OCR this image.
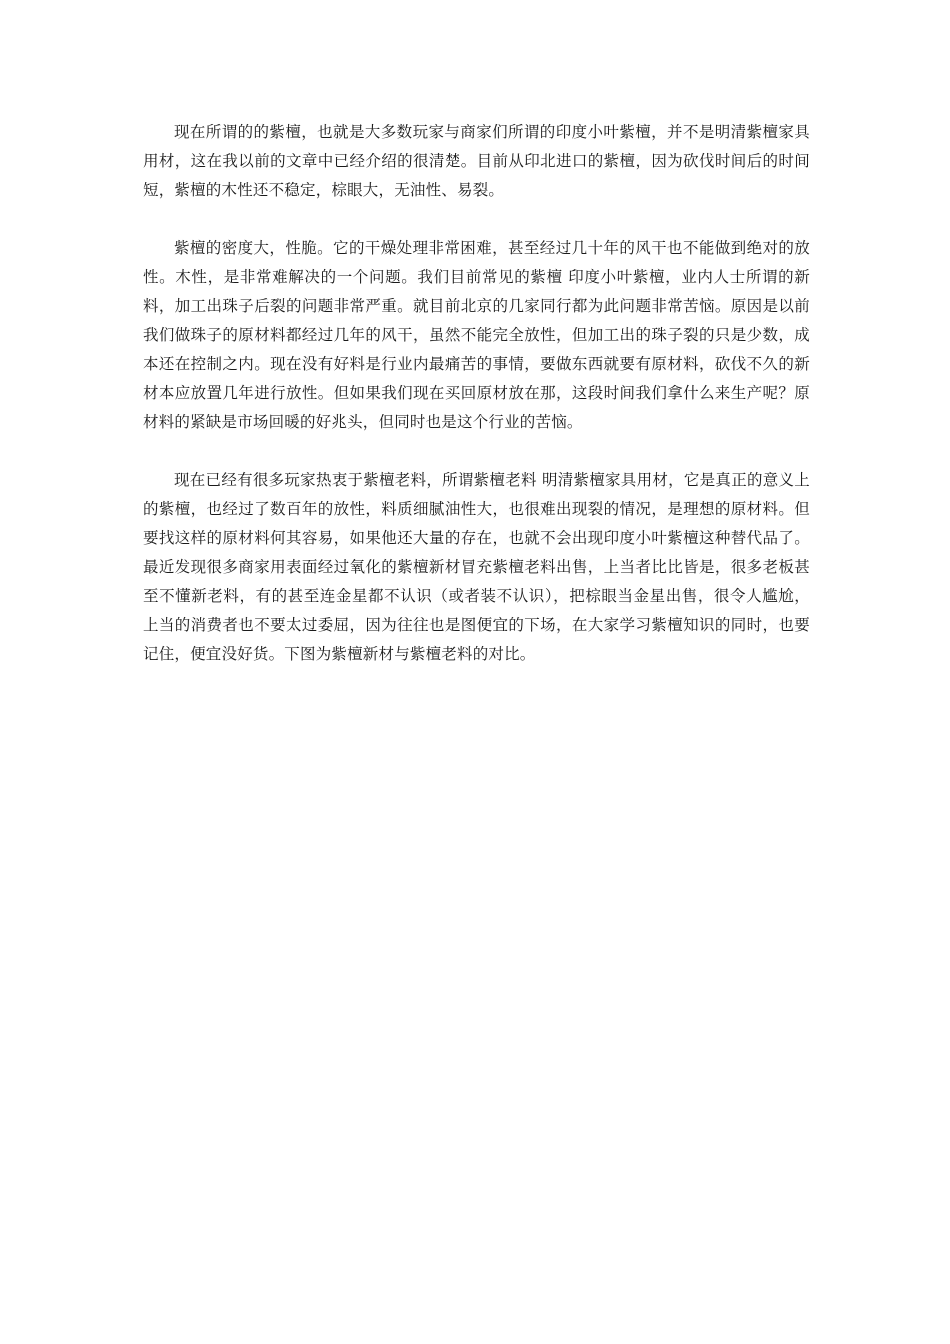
现在所谓的的紫檀，也就是大多数玩家与商家们所谓的印度小叶紫檀，并不是明清紫檀家具用材，这在我以前的文章中已经介绍的很清楚。目前从印北进口的紫檀，因为砍伐时间后的时间短，紫檀的木性还不稳定，棕眼大，无油性、易裂。

紫檀的密度大，性脆。它的干燥处理非常困难，甚至经过几十年的风干也不能做到绝对的放性。木性，是非常难解决的一个问题。我们目前常见的紫檀 印度小叶紫檀，业内人士所谓的新料，加工出珠子后裂的问题非常严重。就目前北京的几家同行都为此问题非常苦恼。原因是以前我们做珠子的原材料都经过几年的风干，虽然不能完全放性，但加工出的珠子裂的只是少数，成本还在控制之内。现在没有好料是行业内最痛苦的事情，要做东西就要有原材料，砍伐不久的新材本应放置几年进行放性。但如果我们现在买回原材放在那，这段时间我们拿什么来生产呢？原材料的紧缺是市场回暖的好兆头，但同时也是这个行业的苦恼。

现在已经有很多玩家热衷于紫檀老料，所谓紫檀老料 明清紫檀家具用材，它是真正的意义上的紫檀，也经过了数百年的放性，料质细腻油性大，也很难出现裂的情况，是理想的原材料。但要找这样的原材料何其容易，如果他还大量的存在，也就不会出现印度小叶紫檀这种替代品了。最近发现很多商家用表面经过氧化的紫檀新材冒充紫檀老料出售，上当者比比皆是，很多老板甚至不懂新老料，有的甚至连金星都不认识（或者装不认识），把棕眼当金星出售，很令人尴尬，上当的消费者也不要太过委屈，因为往往也是图便宜的下场，在大家学习紫檀知识的同时，也要记住，便宜没好货。下图为紫檀新材与紫檀老料的对比。
